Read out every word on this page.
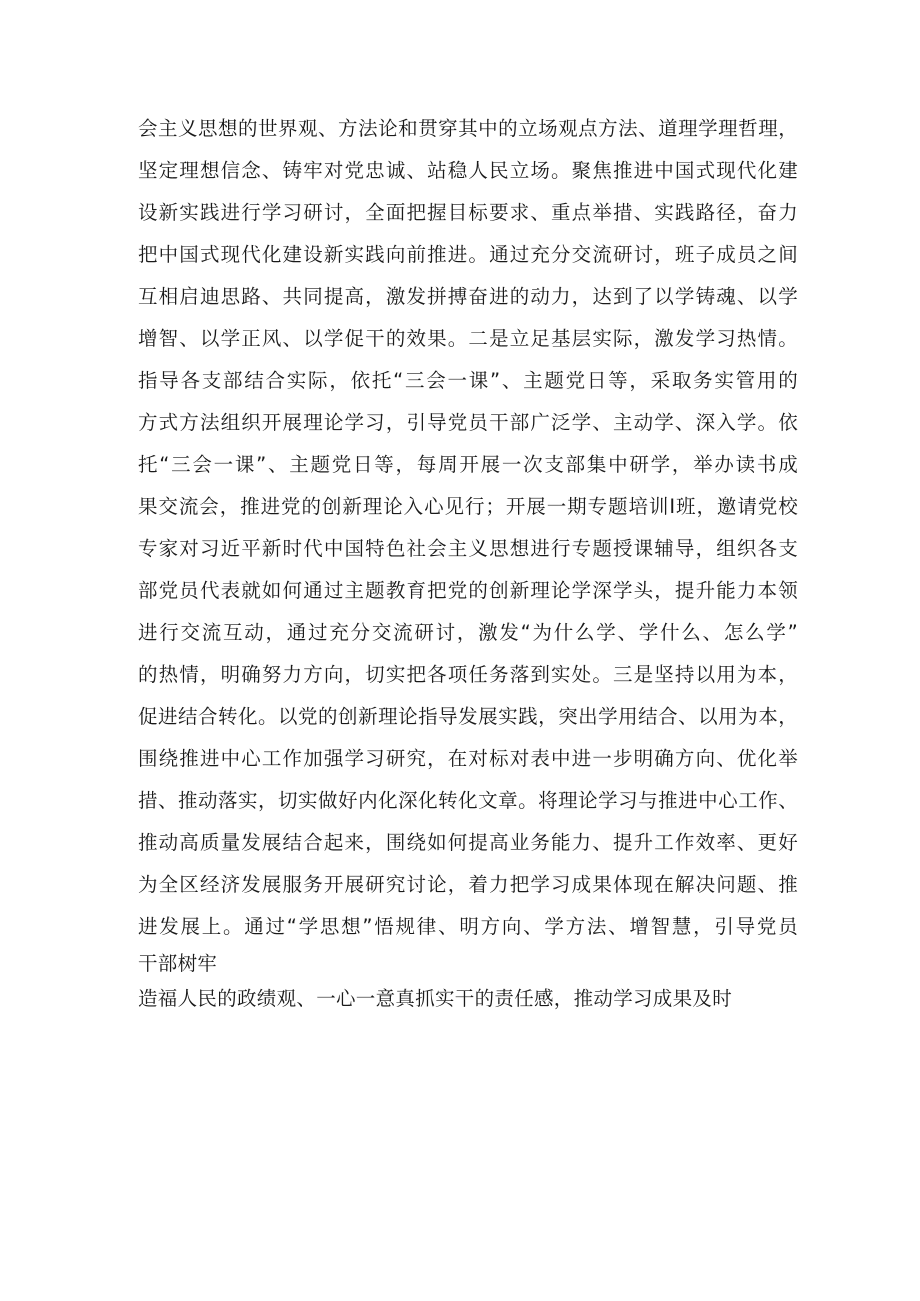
会主义思想的世界观、方法论和贯穿其中的立场观点方法、道理学理哲理，
坚定理想信念、铸牢对党忠诚、站稳人民立场。聚焦推进中国式现代化建
设新实践进行学习研讨，全面把握目标要求、重点举措、实践路径，奋力
把中国式现代化建设新实践向前推进。通过充分交流研讨，班子成员之间
互相启迪思路、共同提高，激发拼搏奋进的动力，达到了以学铸魂、以学
增智、以学正风、以学促干的效果。二是立足基层实际，激发学习热情。
指导各支部结合实际，依托“三会一课”、主题党日等，采取务实管用的
方式方法组织开展理论学习，引导党员干部广泛学、主动学、深入学。依
托“三会一课”、主题党日等，每周开展一次支部集中研学，举办读书成
果交流会，推进党的创新理论入心见行；开展一期专题培训Ⅰ班，邀请党校
专家对习近平新时代中国特色社会主义思想进行专题授课辅导，组织各支
部党员代表就如何通过主题教育把党的创新理论学深学头，提升能力本领
进行交流互动，通过充分交流研讨，激发“为什么学、学什么、怎么学”
的热情，明确努力方向，切实把各项任务落到实处。三是坚持以用为本，
促进结合转化。以党的创新理论指导发展实践，突出学用结合、以用为本，
围绕推进中心工作加强学习研究，在对标对表中进一步明确方向、优化举
措、推动落实，切实做好内化深化转化文章。将理论学习与推进中心工作、
推动高质量发展结合起来，围绕如何提高业务能力、提升工作效率、更好
为全区经济发展服务开展研究讨论，着力把学习成果体现在解决问题、推
进发展上。通过“学思想”悟规律、明方向、学方法、增智慧，引导党员
干部树牢
造福人民的政绩观、一心一意真抓实干的责任感，推动学习成果及时
